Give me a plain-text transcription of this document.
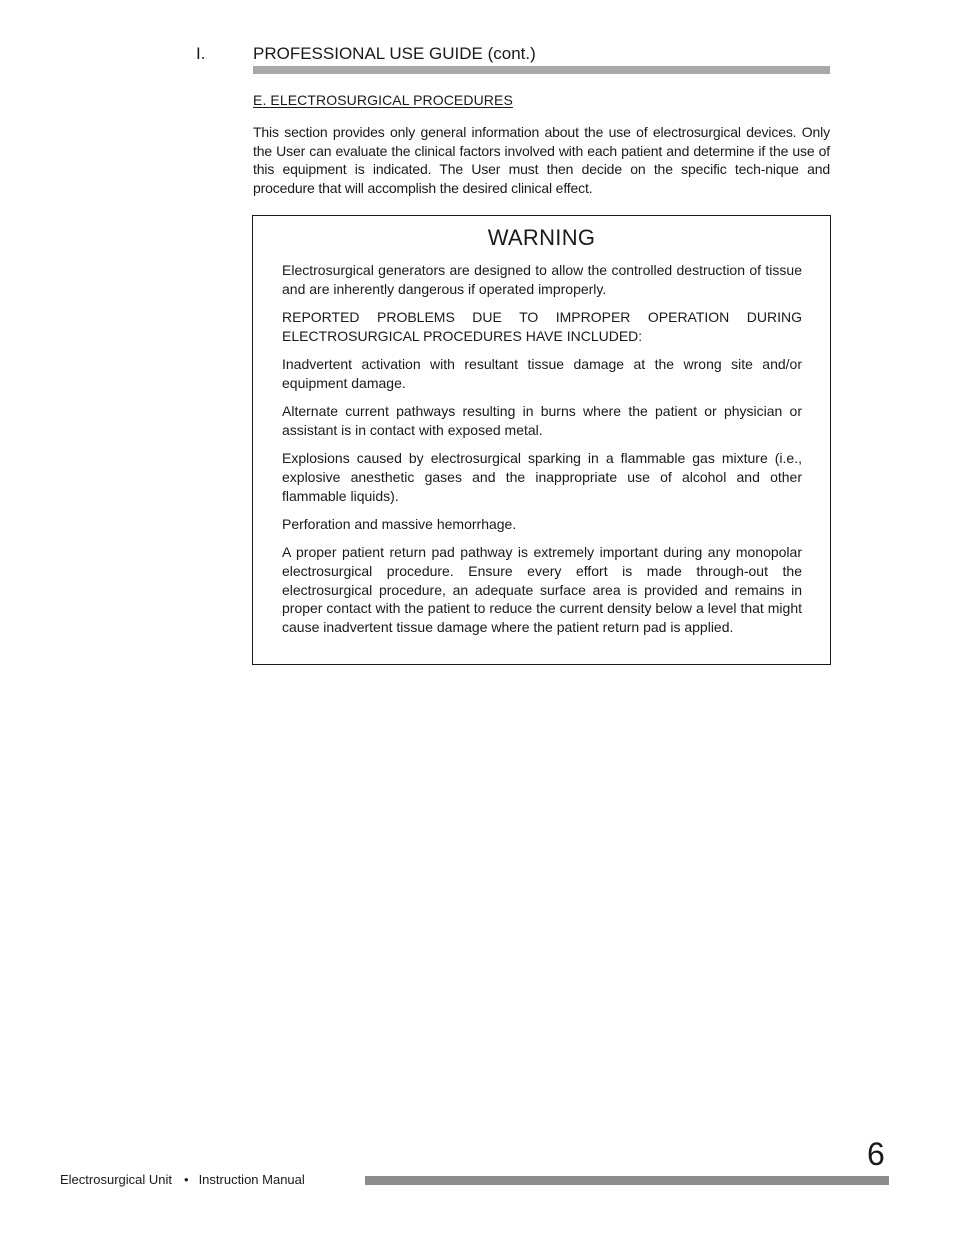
I.	PROFESSIONAL USE GUIDE (cont.)
E. ELECTROSURGICAL PROCEDURES

This section provides only general information about the use of electrosurgical devices. Only the User can evaluate the clinical factors involved with each patient and determine if the use of this equipment is indicated. The User must then decide on the specific tech-nique and procedure that will accomplish the desired clinical effect.

WARNING

Electrosurgical generators are designed to allow the controlled destruction of tissue and are inherently dangerous if operated improperly.

REPORTED PROBLEMS DUE TO IMPROPER OPERATION DURING ELECTROSURGICAL PROCEDURES HAVE INCLUDED:

Inadvertent activation with resultant tissue damage at the wrong site and/or equipment damage.

Alternate current pathways resulting in burns where the patient or physician or assistant is in contact with exposed metal.

Explosions caused by electrosurgical sparking in a flammable gas mixture (i.e., explosive anesthetic gases and the inappropriate use of alcohol and other flammable liquids).

Perforation and massive hemorrhage.

A proper patient return pad pathway is extremely important during any monopolar electrosurgical procedure. Ensure every effort is made through-out the electrosurgical procedure, an adequate surface area is provided and remains in proper contact with the patient to reduce the current density below a level that might cause inadvertent tissue damage where the patient return pad is applied.

Electrosurgical Unit • Instruction Manual
6
